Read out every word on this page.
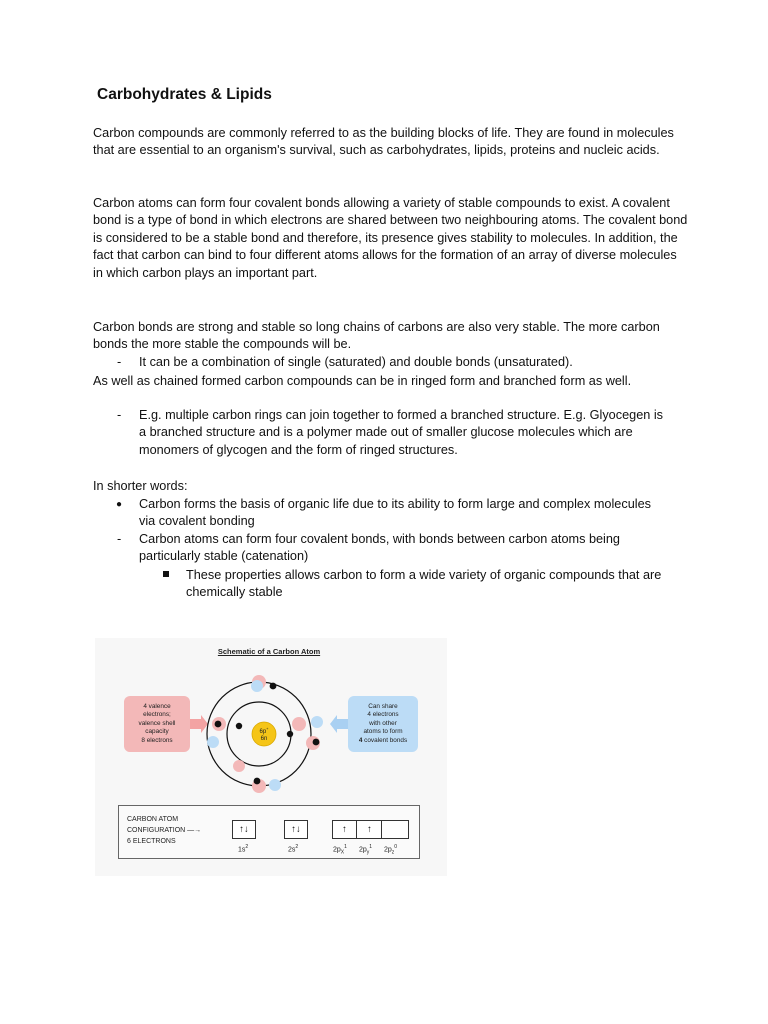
Carbohydrates & Lipids

Carbon compounds are commonly referred to as the building blocks of life. They are found in molecules that are essential to an organism's survival, such as carbohydrates, lipids, proteins and nucleic acids.

Carbon atoms can form four covalent bonds allowing a variety of stable compounds to exist. A covalent bond is a type of bond in which electrons are shared between two neighbouring atoms. The covalent bond is considered to be a stable bond and therefore, its presence gives stability to molecules. In addition, the fact that carbon can bind to four different atoms allows for the formation of an array of diverse molecules in which carbon plays an important part.

Carbon bonds are strong and stable so long chains of carbons are also very stable. The more carbon bonds the more stable the compounds will be.

- It can be a combination of single (saturated) and double bonds (unsaturated).

As well as chained formed carbon compounds can be in ringed form and branched form as well.

- E.g. multiple carbon rings can join together to formed a branched structure. E.g. Glyocegen is a branched structure and is a polymer made out of smaller glucose molecules which are monomers of glycogen and the form of ringed structures.

In shorter words:

● Carbon forms the basis of organic life due to its ability to form large and complex molecules via covalent bonding
- Carbon atoms can form four covalent bonds, with bonds between carbon atoms being particularly stable (catenation)
These properties allows carbon to form a wide variety of organic compounds that are chemically stable
Schematic of a Carbon Atom
4 valence
electrons;
valence shell
capacity
8 electrons
Can share
4 electrons
with other
atoms to form
4 covalent bonds
6p+
6n
CARBON ATOM
CONFIGURATION —→
6 ELECTRONS
↑↓	↑↓	↑	↑
$1s^2$	$2s^2$	$2p_X^1$ $2p_y^1$ $2p_z^0$
